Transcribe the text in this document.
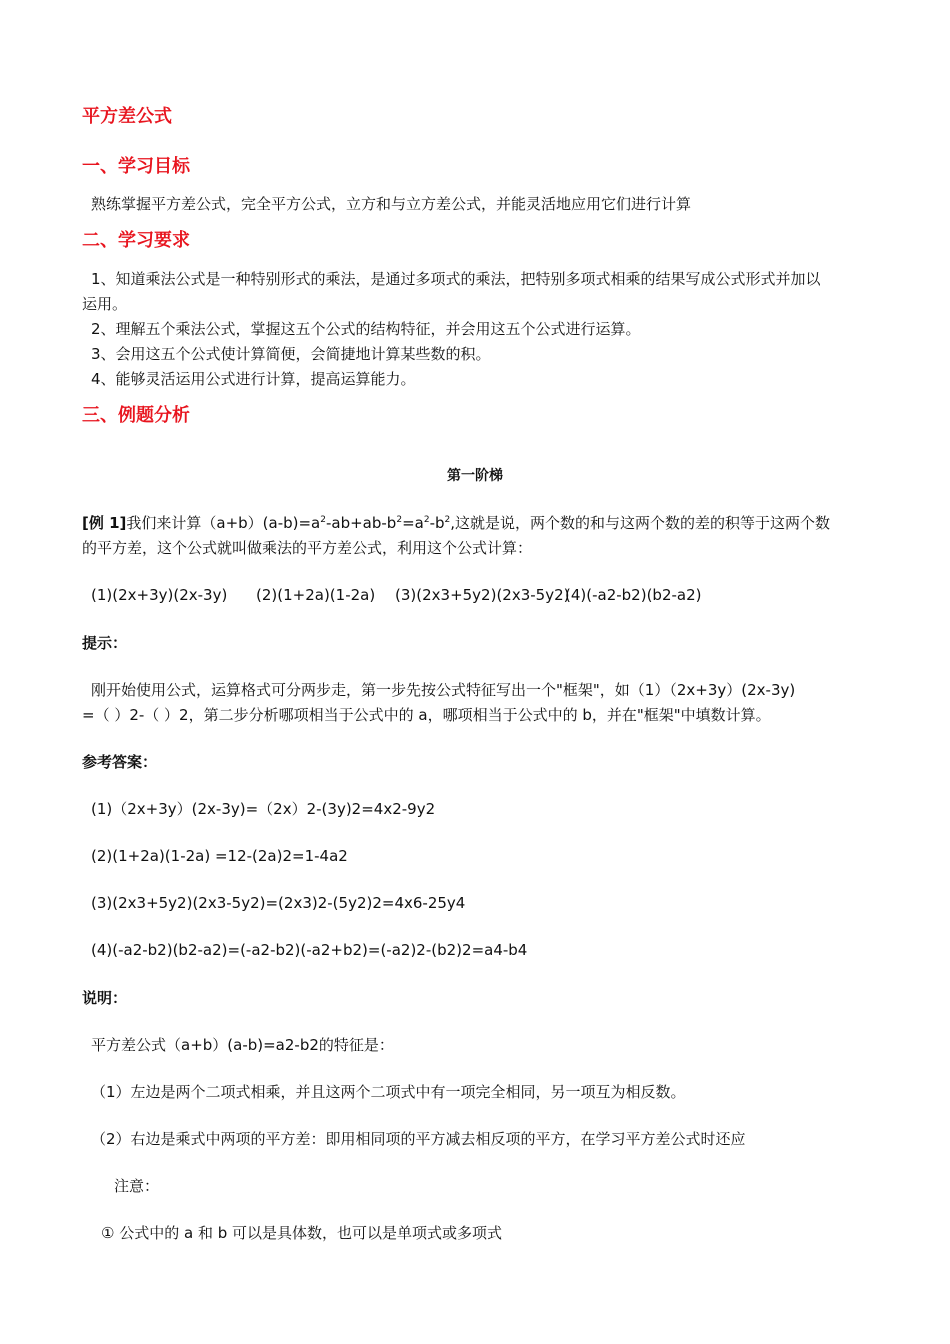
平方差公式
一、学习目标
熟练掌握平方差公式，完全平方公式，立方和与立方差公式，并能灵活地应用它们进行计算
二、学习要求
1、知道乘法公式是一种特别形式的乘法，是通过多项式的乘法，把特别多项式相乘的结果写成公式形式并加以
运用。
2、理解五个乘法公式，掌握这五个公式的结构特征，并会用这五个公式进行运算。
3、会用这五个公式使计算简便，会简捷地计算某些数的积。
4、能够灵活运用公式进行计算，提高运算能力。
三、例题分析
第一阶梯
[例 1]我们来计算$(a+b)(a-b)=a^2-ab+ab-b^2=a^2-b^2$,这就是说，两个数的和与这两个数的差的积等于这两个数
的平方差，这个公式就叫做乘法的平方差公式，利用这个公式计算：
(1)(2x+3y)(2x-3y) (2)(1+2a)(1-2a) (3)(2x3+5y2)(2x3-5y2)
(4)(-a2-b2)(b2-a2)
提示：
刚开始使用公式，运算格式可分两步走，第一步先按公式特征写出一个"框架"，如（1）（2x+3y）(2x-3y)
=（ ）2-（ ）2，第二步分析哪项相当于公式中的 a，哪项相当于公式中的 b，并在"框架"中填数计算。
参考答案：
(1)（2x+3y）(2x-3y)=（2x）2-(3y)2=4x2-9y2
(2)(1+2a)(1-2a) =12-(2a)2=1-4a2
(3)(2x3+5y2)(2x3-5y2)=(2x3)2-(5y2)2=4x6-25y4
(4)(-a2-b2)(b2-a2)=(-a2-b2)(-a2+b2)=(-a2)2-(b2)2=a4-b4
说明：
平方差公式（a+b）(a-b)=a2-b2的特征是：
（1）左边是两个二项式相乘，并且这两个二项式中有一项完全相同，另一项互为相反数。
（2）右边是乘式中两项的平方差：即用相同项的平方减去相反项的平方，在学习平方差公式时还应
注意：
① 公式中的 a 和 b 可以是具体数，也可以是单项式或多项式
